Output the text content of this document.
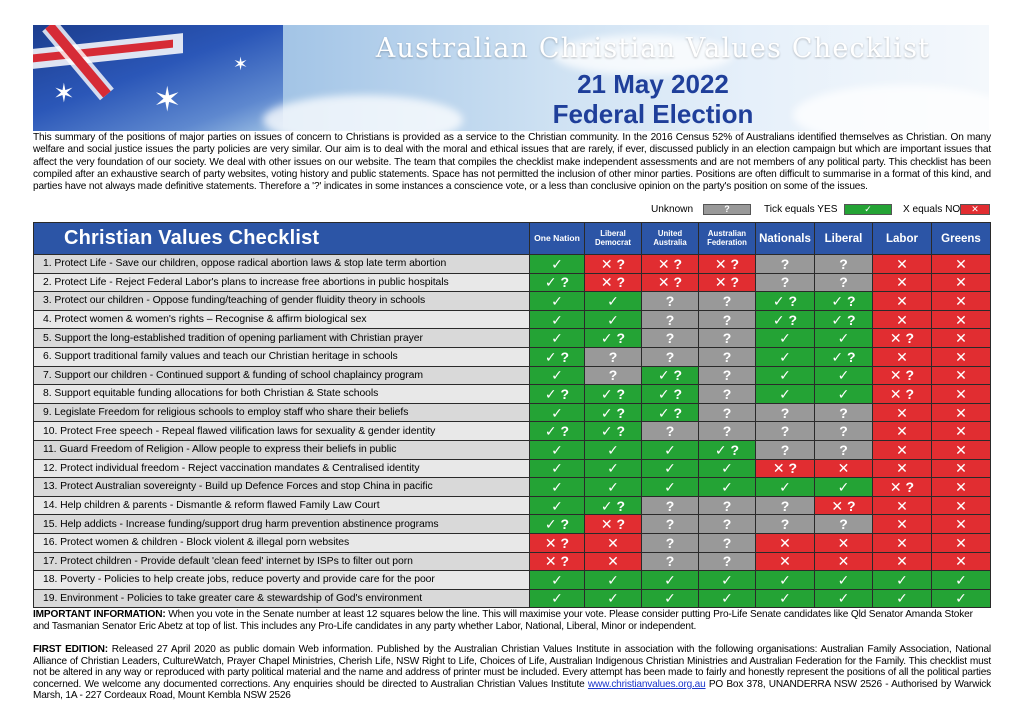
✶ ✶
✶	Australian Christian Values Checklist
21 May 2022
Federal Election
This summary of the positions of major parties on issues of concern to Christians is provided as a service to the Christian community. In the 2016 Census 52% of Australians identified themselves as Christian. On many welfare and social justice issues the party policies are very similar. Our aim is to deal with the moral and ethical issues that are rarely, if ever, discussed publicly in an election campaign but which are important issues that affect the very foundation of our society. We deal with other issues on our website. The team that compiles the checklist make independent assessments and are not members of any political party. This checklist has been compiled after an exhaustive search of party websites, voting history and public statements. Space has not permitted the inclusion of other minor parties. Positions are often difficult to summarise in a format of this kind, and parties have not always made definitive statements. Therefore a '?' indicates in some instances a conscience vote, or a less than conclusive opinion on the party's position on some of the issues.
Unknown	?	Tick equals YES	✓	X equals NO	✕
Christian Values Checklist	One Nation	Liberal Democrat	United Australia	Australian Federation	Nationals	Liberal	Labor	Greens
1. Protect Life - Save our children, oppose radical abortion laws & stop late term abortion	✓	✕ ?	✕ ?	✕ ?	?	?	✕	✕
2. Protect Life - Reject Federal Labor's plans to increase free abortions in public hospitals	✓ ?	✕ ?	✕ ?	✕ ?	?	?	✕	✕
3. Protect our children - Oppose funding/teaching of gender fluidity theory in schools	✓	✓	?	?	✓ ?	✓ ?	✕	✕
4. Protect women & women's rights – Recognise & affirm biological sex	✓	✓	?	?	✓ ?	✓ ?	✕	✕
5. Support the long-established tradition of opening parliament with Christian prayer	✓	✓ ?	?	?	✓	✓	✕ ?	✕
6. Support traditional family values and teach our Christian heritage in schools	✓ ?	?	?	?	✓	✓ ?	✕	✕
7. Support our children - Continued support & funding of school chaplaincy program	✓	?	✓ ?	?	✓	✓	✕ ?	✕
8. Support equitable funding allocations for both Christian & State schools	✓ ?	✓ ?	✓ ?	?	✓	✓	✕ ?	✕
9. Legislate Freedom for religious schools to employ staff who share their beliefs	✓	✓ ?	✓ ?	?	?	?	✕	✕
10. Protect Free speech - Repeal flawed vilification laws for sexuality & gender identity	✓ ?	✓ ?	?	?	?	?	✕	✕
11. Guard Freedom of Religion - Allow people to express their beliefs in public	✓	✓	✓	✓ ?	?	?	✕	✕
12. Protect individual freedom - Reject vaccination mandates & Centralised identity	✓	✓	✓	✓	✕ ?	✕	✕	✕
13. Protect Australian sovereignty - Build up Defence Forces and stop China in pacific	✓	✓	✓	✓	✓	✓	✕ ?	✕
14. Help children & parents - Dismantle & reform flawed Family Law Court	✓	✓ ?	?	?	?	✕ ?	✕	✕
15. Help addicts - Increase funding/support drug harm prevention abstinence programs	✓ ?	✕ ?	?	?	?	?	✕	✕
16. Protect women & children - Block violent & illegal porn websites	✕ ?	✕	?	?	✕	✕	✕	✕
17. Protect children - Provide default 'clean feed' internet by ISPs to filter out porn	✕ ?	✕	?	?	✕	✕	✕	✕
18. Poverty - Policies to help create jobs, reduce poverty and provide care for the poor	✓	✓	✓	✓	✓	✓	✓	✓
19. Environment - Policies to take greater care & stewardship of God's environment	✓	✓	✓	✓	✓	✓	✓	✓
IMPORTANT INFORMATION: When you vote in the Senate number at least 12 squares below the line. This will maximise your vote. Please consider putting Pro-Life Senate candidates like Qld Senator Amanda Stoker and Tasmanian Senator Eric Abetz at top of list. This includes any Pro-Life candidates in any party whether Labor, National, Liberal, Minor or independent.
FIRST EDITION: Released 27 April 2020 as public domain Web information. Published by the Australian Christian Values Institute in association with the following organisations: Australian Family Association, National Alliance of Christian Leaders, CultureWatch, Prayer Chapel Ministries, Cherish Life, NSW Right to Life, Choices of Life, Australian Indigenous Christian Ministries and Australian Federation for the Family. This checklist must not be altered in any way or reproduced with party political material and the name and address of printer must be included. Every attempt has been made to fairly and honestly represent the positions of all the political parties concerned. We welcome any documented corrections. Any enquiries should be directed to Australian Christian Values Institute www.christianvalues.org.au PO Box 378, UNANDERRA NSW 2526 - Authorised by Warwick Marsh, 1A - 227 Cordeaux Road, Mount Kembla NSW 2526
